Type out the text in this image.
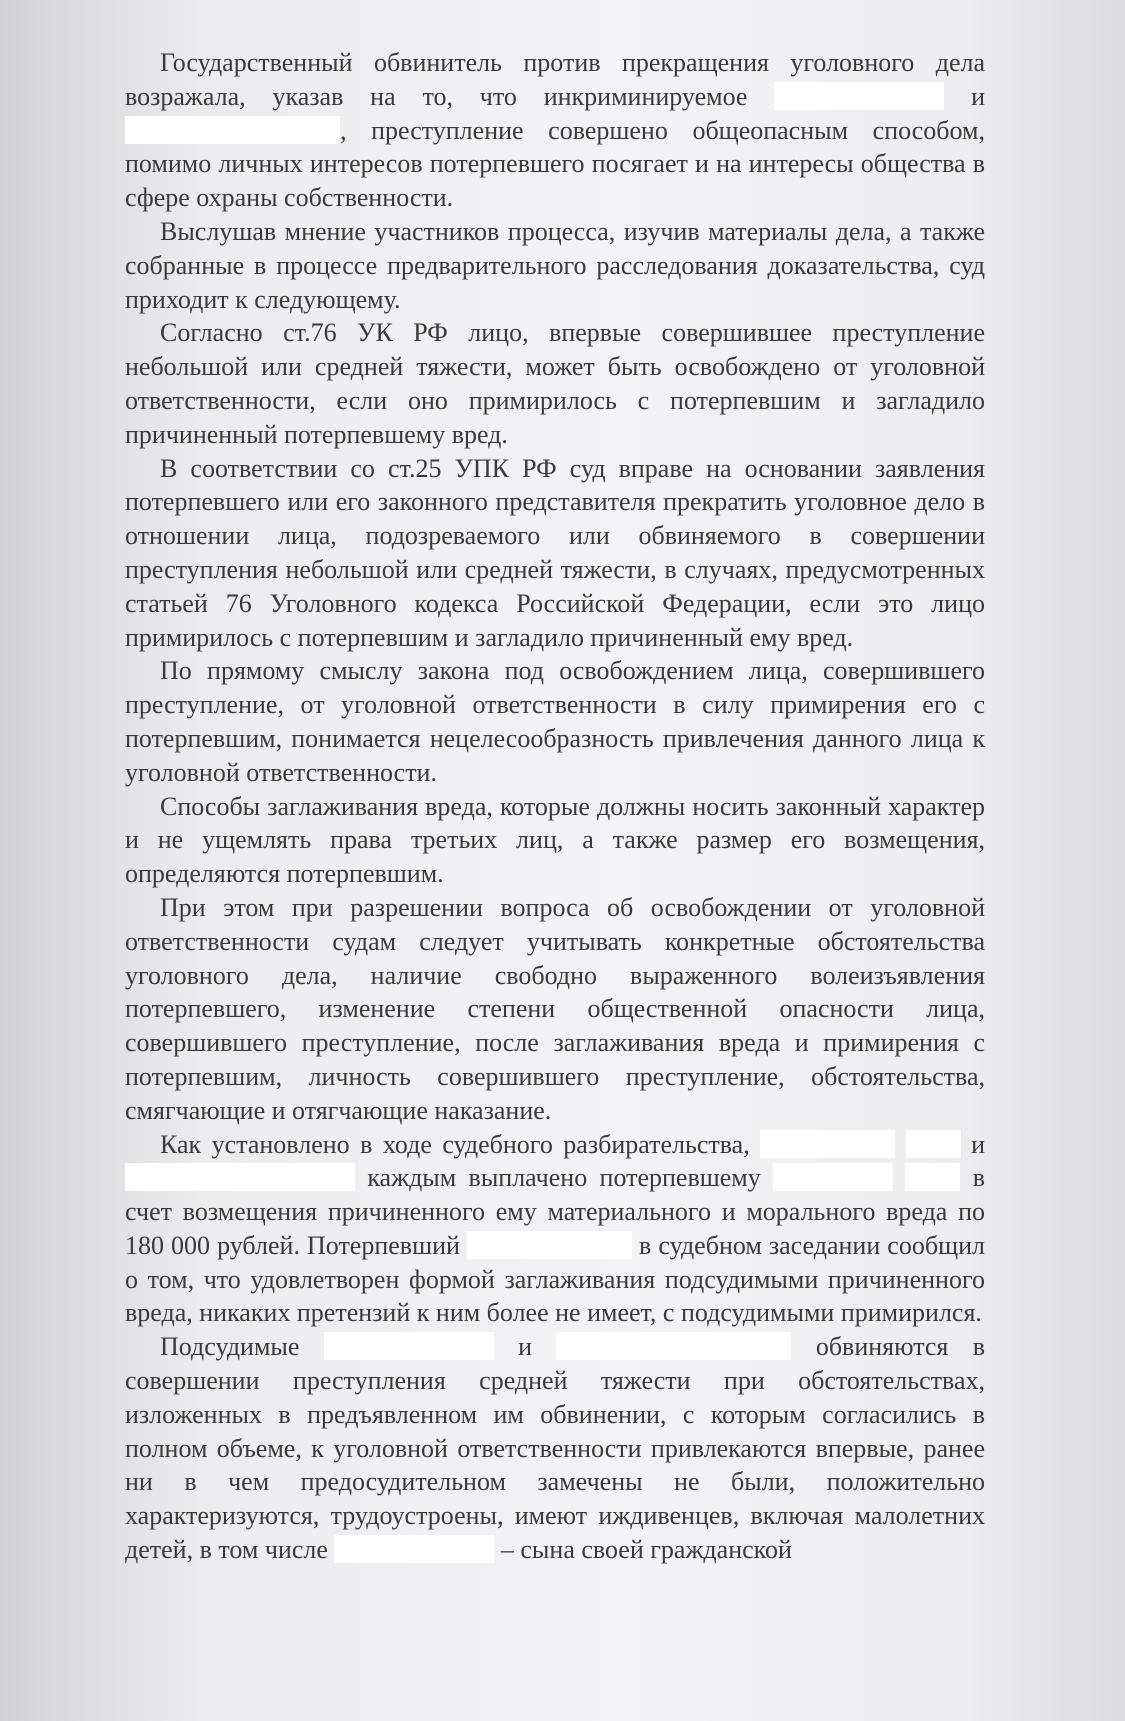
Государственный обвинитель против прекращения уголовного дела возражала, указав на то, что инкриминируемое	и , преступление совершено общеопасным способом, помимо личных интересов потерпевшего посягает и на интересы общества в сфере охраны собственности.

Выслушав мнение участников процесса, изучив материалы дела, а также собранные в процессе предварительного расследования доказательства, суд приходит к следующему.

Согласно ст.76 УК РФ лицо, впервые совершившее преступление небольшой или средней тяжести, может быть освобождено от уголовной ответственности, если оно примирилось с потерпевшим и загладило причиненный потерпевшему вред.

В соответствии со ст.25 УПК РФ суд вправе на основании заявления потерпевшего или его законного представителя прекратить уголовное дело в отношении лица, подозреваемого или обвиняемого в совершении преступления небольшой или средней тяжести, в случаях, предусмотренных статьей 76 Уголовного кодекса Российской Федерации, если это лицо примирилось с потерпевшим и загладило причиненный ему вред.

По прямому смыслу закона под освобождением лица, совершившего преступление, от уголовной ответственности в силу примирения его с потерпевшим, понимается нецелесообразность привлечения данного лица к уголовной ответственности.

Способы заглаживания вреда, которые должны носить законный характер и не ущемлять права третьих лиц, а также размер его возмещения, определяются потерпевшим.

При этом при разрешении вопроса об освобождении от уголовной ответственности судам следует учитывать конкретные обстоятельства уголовного дела, наличие свободно выраженного волеизъявления потерпевшего, изменение степени общественной опасности лица, совершившего преступление, после заглаживания вреда и примирения с потерпевшим, личность совершившего преступление, обстоятельства, смягчающие и отягчающие наказание.

Как установлено в ходе судебного разбирательства,	и  каждым выплачено потерпевшему	в счет возмещения причиненного ему материального и морального вреда по 180 000 рублей. Потерпевший	в судебном заседании сообщил о том, что удовлетворен формой заглаживания подсудимыми причиненного вреда, никаких претензий к ним более не имеет, с подсудимыми примирился.

Подсудимые	и	обвиняются в совершении преступления средней тяжести при обстоятельствах, изложенных в предъявленном им обвинении, с которым согласились в полном объеме, к уголовной ответственности привлекаются впервые, ранее ни в чем предосудительном замечены не были, положительно характеризуются, трудоустроены, имеют иждивенцев, включая малолетних детей, в том числе	– сына своей гражданской
